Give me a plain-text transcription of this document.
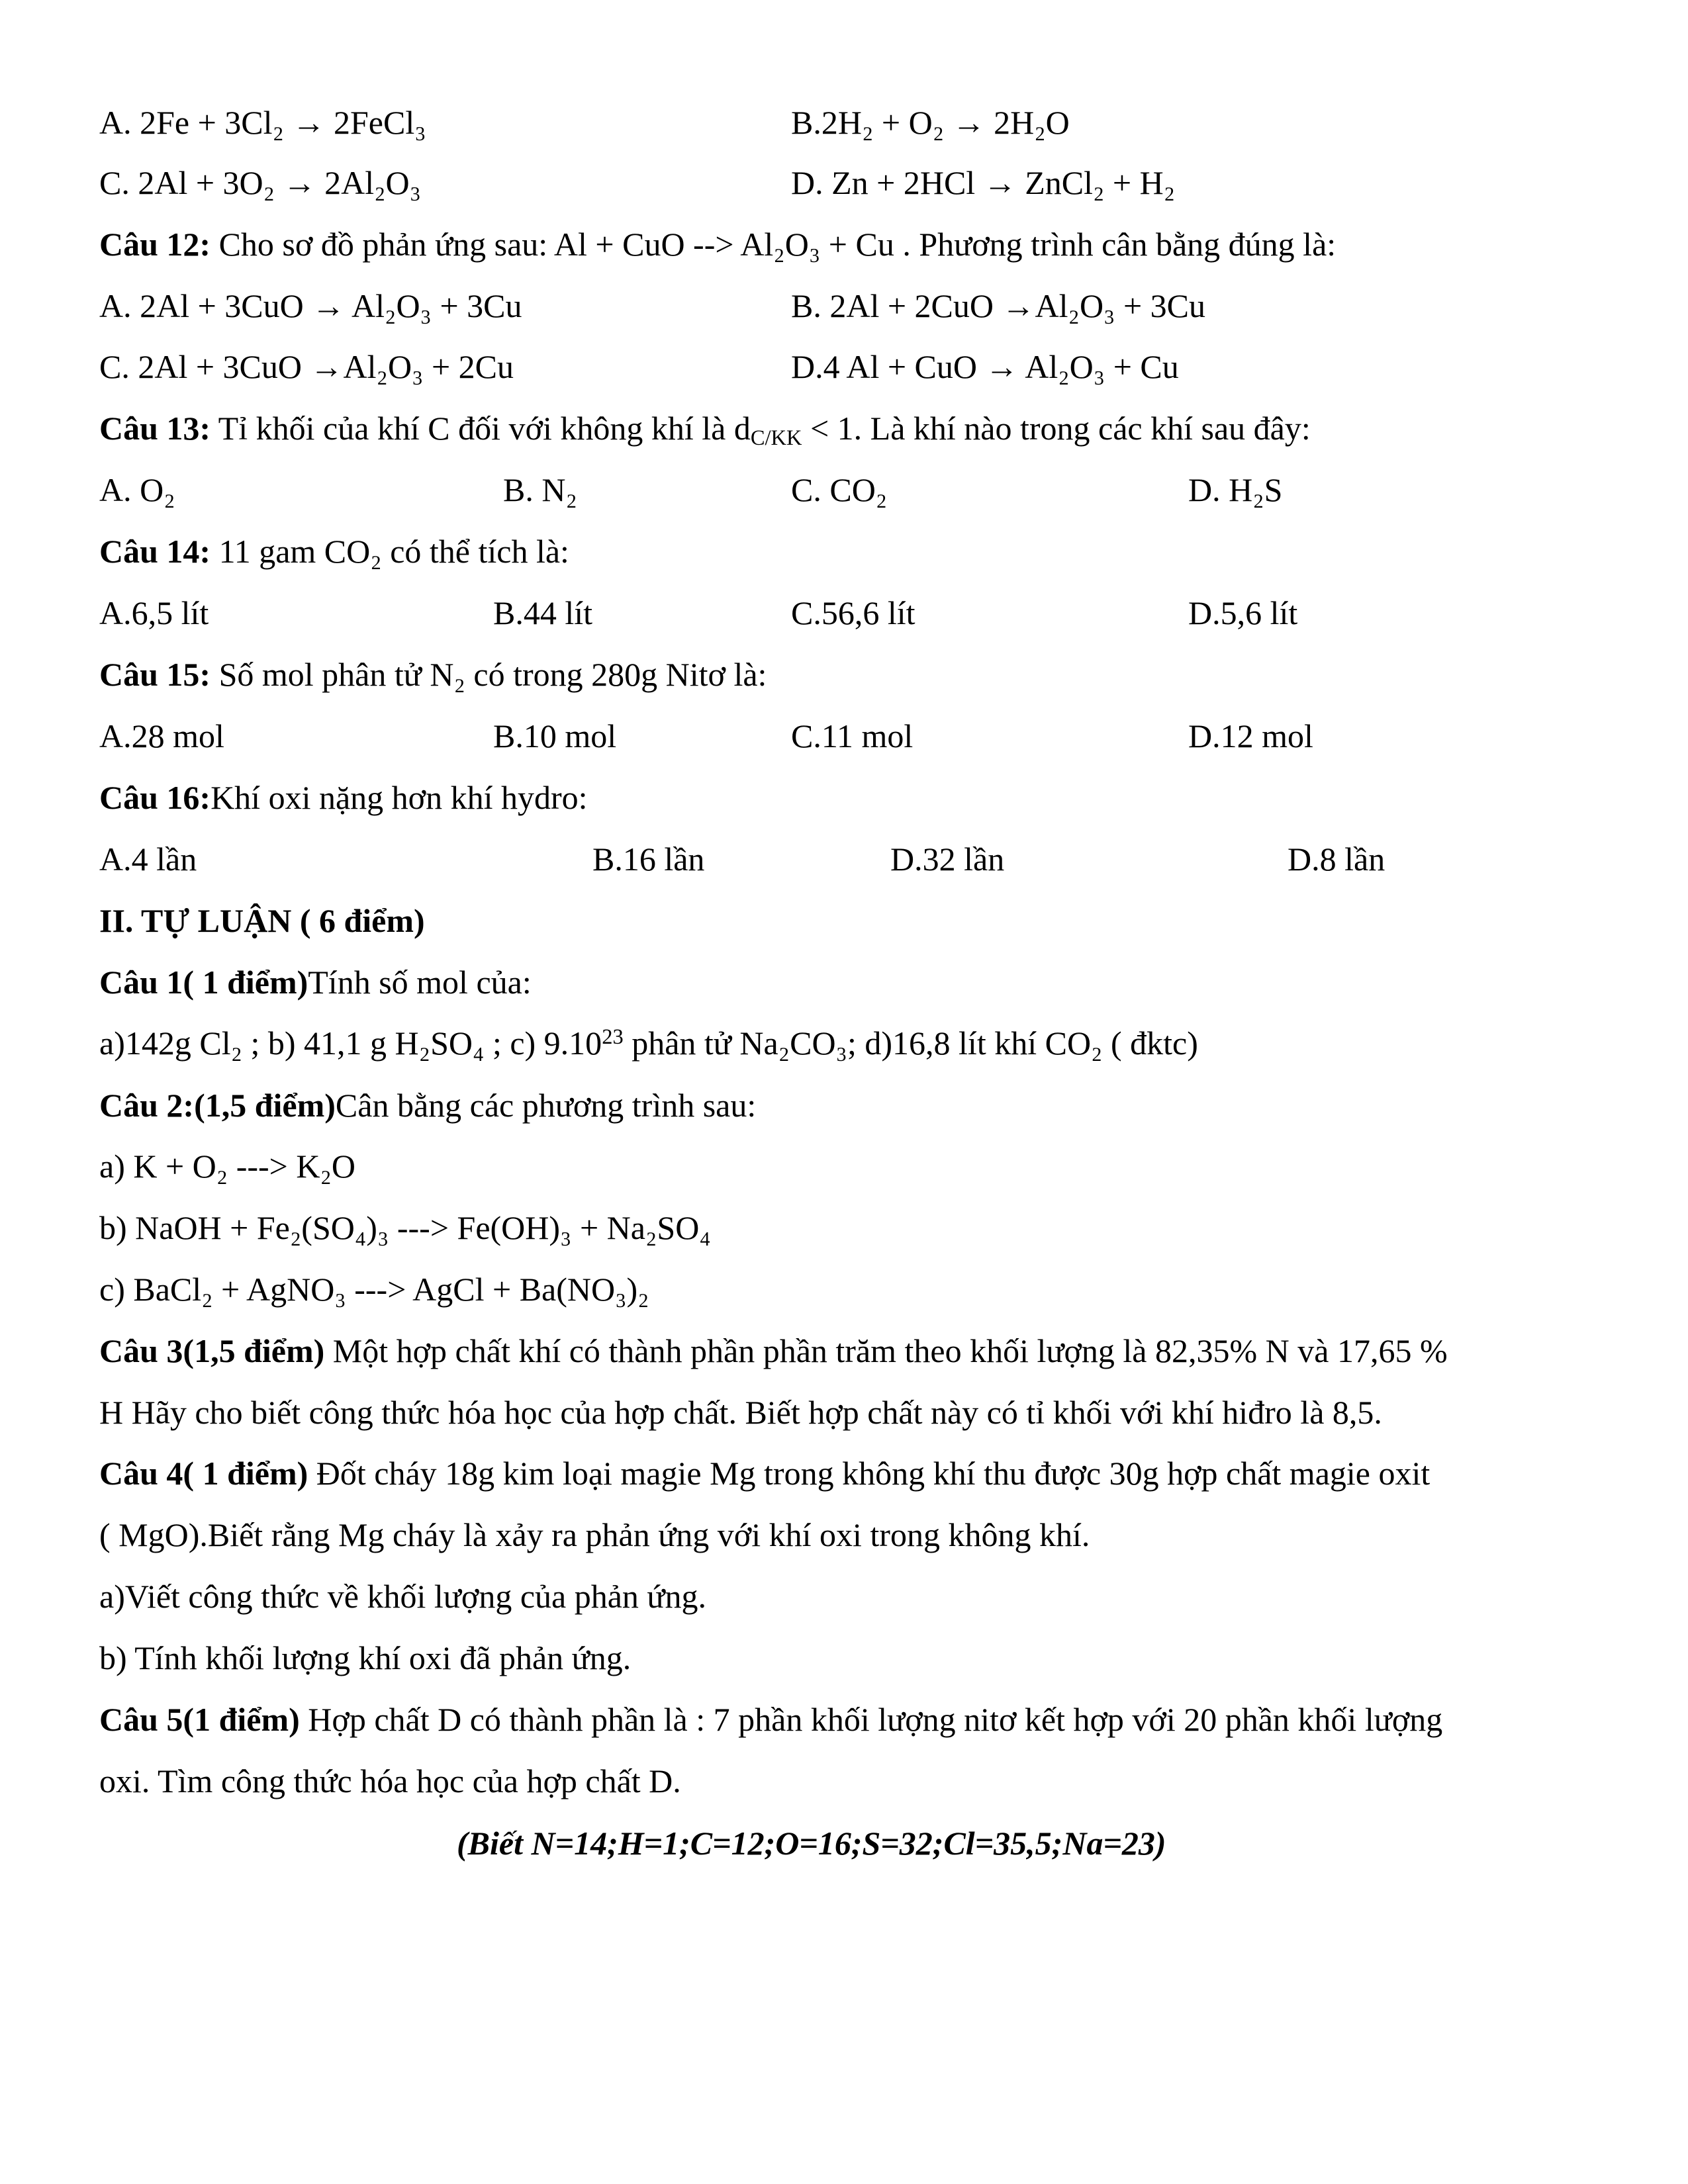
A. 2Fe + 3Cl₂ → 2FeCl₃	B.2H₂ + O₂ → 2H₂O
C. 2Al + 3O₂ → 2Al₂O₃	D. Zn + 2HCl → ZnCl₂ + H₂
Câu 12: Cho sơ đồ phản ứng sau: Al + CuO --> Al₂O₃ + Cu . Phương trình cân bằng đúng là:
A. 2Al + 3CuO → Al₂O₃ + 3Cu	B. 2Al + 2CuO →Al₂O₃ + 3Cu
C. 2Al + 3CuO →Al₂O₃ + 2Cu	D.4 Al + CuO → Al₂O₃ + Cu
Câu 13: Tỉ khối của khí C đối với không khí là $d_{C/KK} < 1$. Là khí nào trong các khí sau đây:
A. O₂	B. N₂	C. CO₂	D. H₂S
Câu 14: 11 gam CO₂ có thể tích là:
A.6,5 lít	B.44 lít	C.56,6 lít	D.5,6 lít
Câu 15: Số mol phân tử N₂ có trong 280g Nitơ là:
A.28 mol	B.10 mol	C.11 mol	D.12 mol
Câu 16:Khí oxi nặng hơn khí hydro:
A.4 lần	B.16 lần	D.32 lần	D.8 lần
II. TỰ LUẬN ( 6 điểm)
Câu 1( 1 điểm)Tính số mol của:
a)142g Cl₂ ; b) 41,1 g H₂SO₄ ; c) 9.10$^{23}$ phân tử Na₂CO₃; d)16,8 lít khí CO₂ ( đktc)
Câu 2:(1,5 điểm)Cân bằng các phương trình sau:
a) K + O₂ ---> K₂O
b) NaOH + Fe₂(SO₄)₃ ---> Fe(OH)₃ + Na₂SO₄
c) BaCl₂ + AgNO₃ ---> AgCl + Ba(NO₃)₂
Câu 3(1,5 điểm) Một hợp chất khí có thành phần phần trăm theo khối lượng là 82,35% N và 17,65 %
H Hãy cho biết công thức hóa học của hợp chất. Biết hợp chất này có tỉ khối với khí hiđro là 8,5.
Câu 4( 1 điểm) Đốt cháy 18g kim loại magie Mg trong không khí thu được 30g hợp chất magie oxit
( MgO).Biết rằng Mg cháy là xảy ra phản ứng với khí oxi trong không khí.
a)Viết công thức về khối lượng của phản ứng.
b) Tính khối lượng khí oxi đã phản ứng.
Câu 5(1 điểm) Hợp chất D có thành phần là : 7 phần khối lượng nitơ kết hợp với 20 phần khối lượng
oxi. Tìm công thức hóa học của hợp chất D.
(Biết N=14;H=1;C=12;O=16;S=32;Cl=35,5;Na=23)
